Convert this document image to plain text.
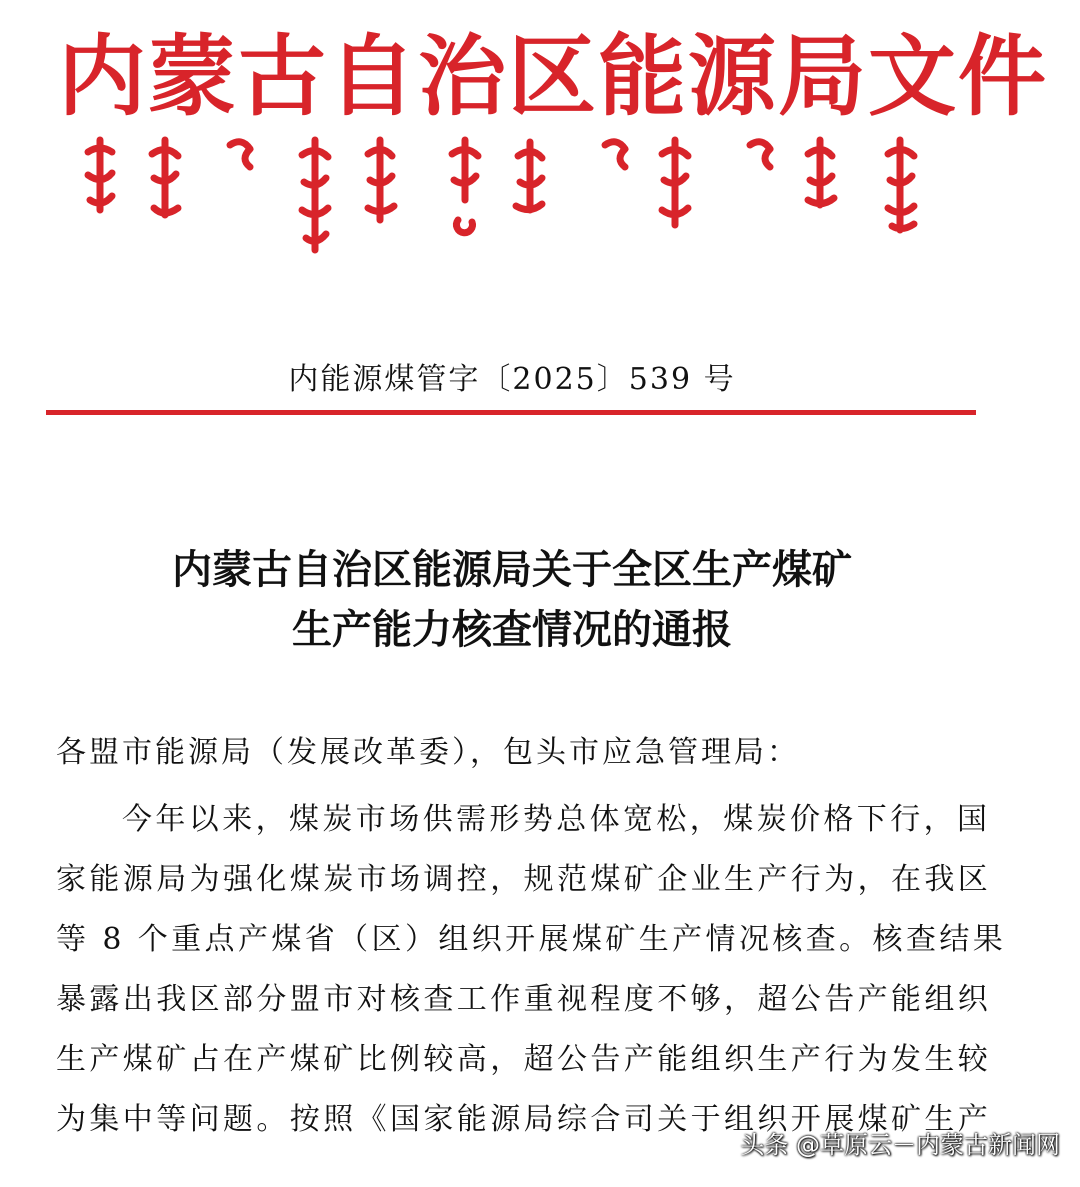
内蒙古自治区能源局文件
内能源煤管字〔2025〕539 号
内蒙古自治区能源局关于全区生产煤矿
生产能力核查情况的通报
各盟市能源局（发展改革委），包头市应急管理局：
今年以来，煤炭市场供需形势总体宽松，煤炭价格下行，国
家能源局为强化煤炭市场调控，规范煤矿企业生产行为，在我区
等 8 个重点产煤省（区）组织开展煤矿生产情况核查。核查结果
暴露出我区部分盟市对核查工作重视程度不够，超公告产能组织
生产煤矿占在产煤矿比例较高，超公告产能组织生产行为发生较
为集中等问题。按照《国家能源局综合司关于组织开展煤矿生产
头条 @草原云－内蒙古新闻网
